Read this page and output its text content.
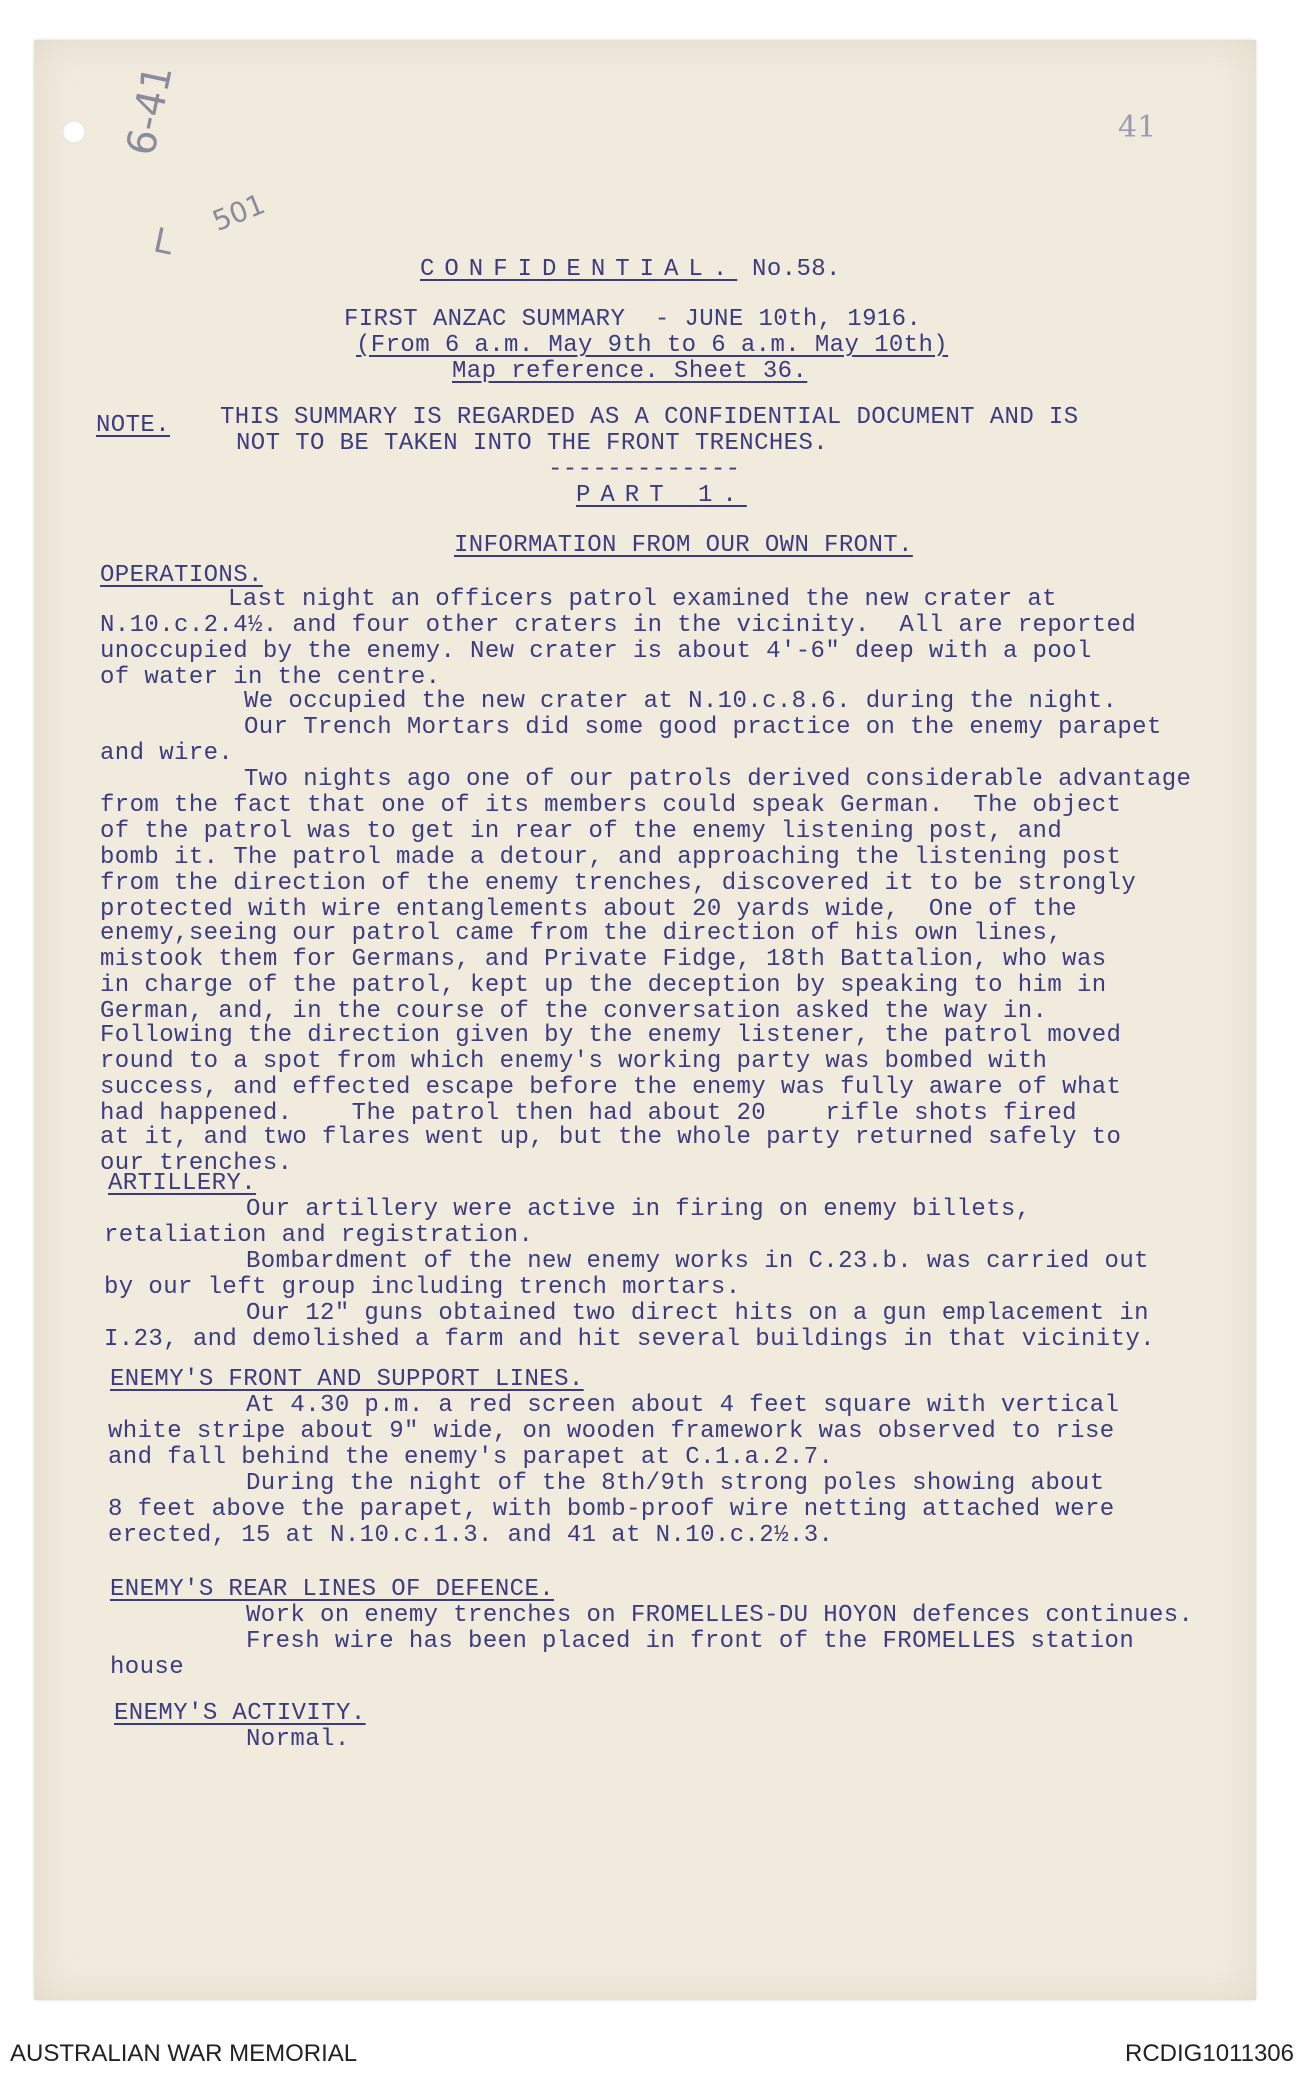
41
6-41
501
L
CONFIDENTIAL. No.58.
FIRST ANZAC SUMMARY  - JUNE 10th, 1916.
(From 6 a.m. May 9th to 6 a.m. May 10th)
Map reference. Sheet 36.
NOTE. THIS SUMMARY IS REGARDED AS A CONFIDENTIAL DOCUMENT AND IS
NOT TO BE TAKEN INTO THE FRONT TRENCHES.
-------------
PART 1.
INFORMATION FROM OUR OWN FRONT.
OPERATIONS.
Last night an officers patrol examined the new crater at
N.10.c.2.4½. and four other craters in the vicinity.  All are reported
unoccupied by the enemy. New crater is about 4'-6" deep with a pool
of water in the centre.
We occupied the new crater at N.10.c.8.6. during the night.
Our Trench Mortars did some good practice on the enemy parapet
and wire.
Two nights ago one of our patrols derived considerable advantage
from the fact that one of its members could speak German.  The object
of the patrol was to get in rear of the enemy listening post, and
bomb it. The patrol made a detour, and approaching the listening post
from the direction of the enemy trenches, discovered it to be strongly
protected with wire entanglements about 20 yards wide,  One of the
enemy,seeing our patrol came from the direction of his own lines,
mistook them for Germans, and Private Fidge, 18th Battalion, who was
in charge of the patrol, kept up the deception by speaking to him in
German, and, in the course of the conversation asked the way in.
Following the direction given by the enemy listener, the patrol moved
round to a spot from which enemy's working party was bombed with
success, and effected escape before the enemy was fully aware of what
had happened.    The patrol then had about 20    rifle shots fired
at it, and two flares went up, but the whole party returned safely to
our trenches.
ARTILLERY.
Our artillery were active in firing on enemy billets,
retaliation and registration.
Bombardment of the new enemy works in C.23.b. was carried out
by our left group including trench mortars.
Our 12" guns obtained two direct hits on a gun emplacement in
I.23, and demolished a farm and hit several buildings in that vicinity.
ENEMY'S FRONT AND SUPPORT LINES.
At 4.30 p.m. a red screen about 4 feet square with vertical
white stripe about 9" wide, on wooden framework was observed to rise
and fall behind the enemy's parapet at C.1.a.2.7.
During the night of the 8th/9th strong poles showing about
8 feet above the parapet, with bomb-proof wire netting attached were
erected, 15 at N.10.c.1.3. and 41 at N.10.c.2½.3.
ENEMY'S REAR LINES OF DEFENCE.
Work on enemy trenches on FROMELLES-DU HOYON defences continues.
Fresh wire has been placed in front of the FROMELLES station
house
ENEMY'S ACTIVITY.
Normal.
AUSTRALIAN WAR MEMORIAL	RCDIG1011306
